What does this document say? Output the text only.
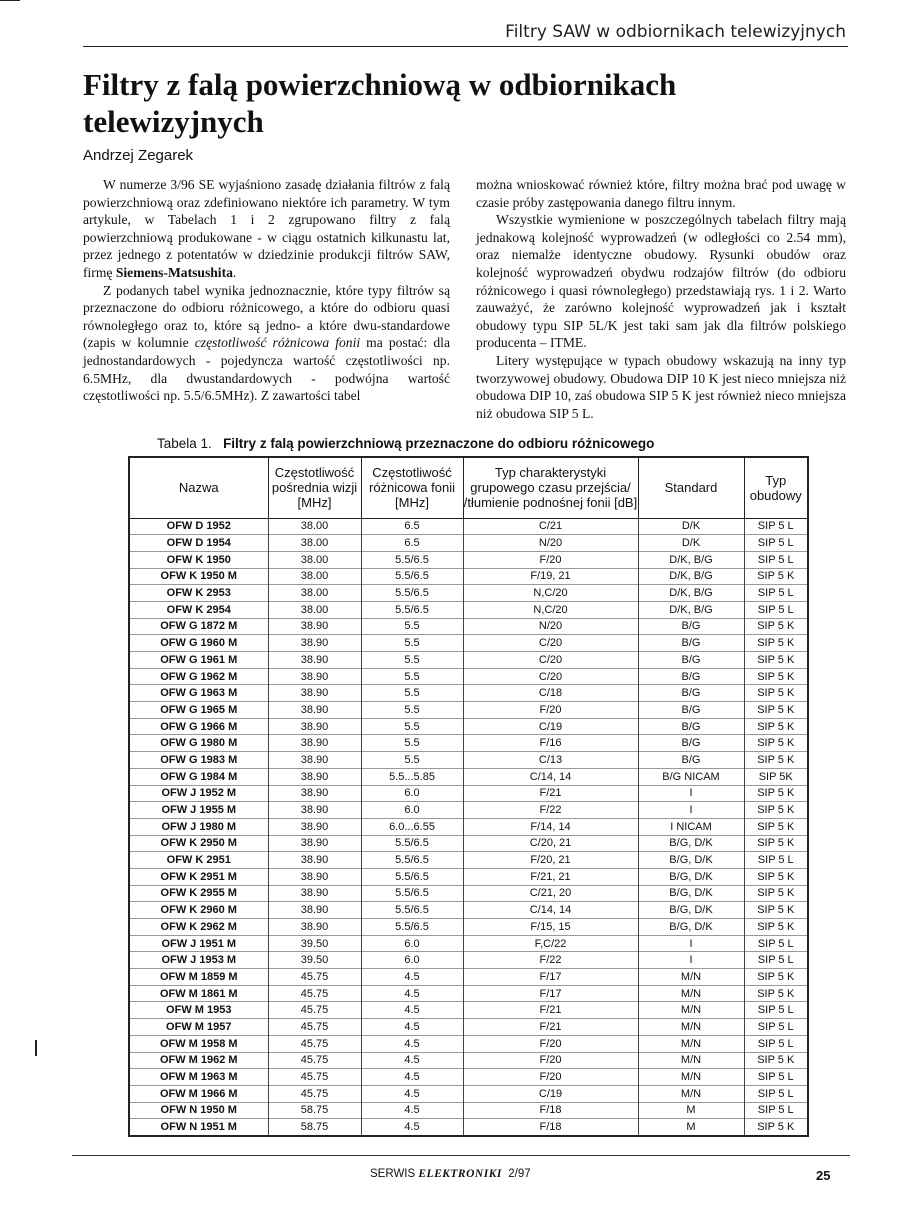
Filtry SAW w odbiornikach telewizyjnych
Filtry z falą powierzchniową w odbiornikach telewizyjnych
Andrzej Zegarek

W numerze 3/96 SE wyjaśniono zasadę działania filtrów z falą powierzchniową oraz zdefiniowano niektóre ich parametry. W tym artykule, w Tabelach 1 i 2 zgrupowano filtry z falą powierzchniową produkowane - w ciągu ostatnich kilkunastu lat, przez jednego z potentatów w dziedzinie produkcji filtrów SAW, firmę Siemens-Matsushita.

Z podanych tabel wynika jednoznacznie, które typy filtrów są przeznaczone do odbioru różnicowego, a które do odbioru quasi równoległego oraz to, które są jedno- a które dwu-standardowe (zapis w kolumnie częstotliwość różnicowa fonii ma postać: dla jednostandardowych - pojedyncza wartość częstotliwości np. 6.5MHz, dla dwustandardowych - podwójna wartość częstotliwości np. 5.5/6.5MHz). Z zawartości tabel

można wnioskować również które, filtry można brać pod uwagę w czasie próby zastępowania danego filtru innym.

Wszystkie wymienione w poszczególnych tabelach filtry mają jednakową kolejność wyprowadzeń (w odległości co 2.54 mm), oraz niemalże identyczne obudowy. Rysunki obudów oraz kolejność wyprowadzeń obydwu rodzajów filtrów (do odbioru różnicowego i quasi równoległego) przedstawiają rys. 1 i 2. Warto zauważyć, że zarówno kolejność wyprowadzeń jak i kształt obudowy typu SIP 5L/K jest taki sam jak dla filtrów polskiego producenta – ITME.

Litery występujące w typach obudowy wskazują na inny typ tworzywowej obudowy. Obudowa DIP 10 K jest nieco mniejsza niż obudowa DIP 10, zaś obudowa SIP 5 K jest również nieco mniejsza niż obudowa SIP 5 L.

Tabela 1. Filtry z falą powierzchniową przeznaczone do odbioru różnicowego
Nazwa	Częstotliwość pośrednia wizji [MHz]	Częstotliwość różnicowa fonii [MHz]	Typ charakterystyki grupowego czasu przejścia/ /tłumienie podnośnej fonii [dB]	Standard	Typ obudowy
OFW D 1952	38.00	6.5	C/21	D/K	SIP 5 L
OFW D 1954	38.00	6.5	N/20	D/K	SIP 5 L
OFW K 1950	38.00	5.5/6.5	F/20	D/K, B/G	SIP 5 L
OFW K 1950 M	38.00	5.5/6.5	F/19, 21	D/K, B/G	SIP 5 K
OFW K 2953	38.00	5.5/6.5	N,C/20	D/K, B/G	SIP 5 L
OFW K 2954	38.00	5.5/6.5	N,C/20	D/K, B/G	SIP 5 L
OFW G 1872 M	38.90	5.5	N/20	B/G	SIP 5 K
OFW G 1960 M	38.90	5.5	C/20	B/G	SIP 5 K
OFW G 1961 M	38.90	5.5	C/20	B/G	SIP 5 K
OFW G 1962 M	38.90	5.5	C/20	B/G	SIP 5 K
OFW G 1963 M	38.90	5.5	C/18	B/G	SIP 5 K
OFW G 1965 M	38.90	5.5	F/20	B/G	SIP 5 K
OFW G 1966 M	38.90	5.5	C/19	B/G	SIP 5 K
OFW G 1980 M	38.90	5.5	F/16	B/G	SIP 5 K
OFW G 1983 M	38.90	5.5	C/13	B/G	SIP 5 K
OFW G 1984 M	38.90	5.5...5.85	C/14, 14	B/G NICAM	SIP 5K
OFW J 1952 M	38.90	6.0	F/21	I	SIP 5 K
OFW J 1955 M	38.90	6.0	F/22	I	SIP 5 K
OFW J 1980 M	38.90	6.0...6.55	F/14, 14	I NICAM	SIP 5 K
OFW K 2950 M	38.90	5.5/6.5	C/20, 21	B/G, D/K	SIP 5 K
OFW K 2951	38.90	5.5/6.5	F/20, 21	B/G, D/K	SIP 5 L
OFW K 2951 M	38.90	5.5/6.5	F/21, 21	B/G, D/K	SIP 5 K
OFW K 2955 M	38.90	5.5/6.5	C/21, 20	B/G, D/K	SIP 5 K
OFW K 2960 M	38.90	5.5/6.5	C/14, 14	B/G, D/K	SIP 5 K
OFW K 2962 M	38.90	5.5/6.5	F/15, 15	B/G, D/K	SIP 5 K
OFW J 1951 M	39.50	6.0	F,C/22	I	SIP 5 L
OFW J 1953 M	39.50	6.0	F/22	I	SIP 5 L
OFW M 1859 M	45.75	4.5	F/17	M/N	SIP 5 K
OFW M 1861 M	45.75	4.5	F/17	M/N	SIP 5 K
OFW M 1953	45.75	4.5	F/21	M/N	SIP 5 L
OFW M 1957	45.75	4.5	F/21	M/N	SIP 5 L
OFW M 1958 M	45.75	4.5	F/20	M/N	SIP 5 L
OFW M 1962 M	45.75	4.5	F/20	M/N	SIP 5 K
OFW M 1963 M	45.75	4.5	F/20	M/N	SIP 5 L
OFW M 1966 M	45.75	4.5	C/19	M/N	SIP 5 L
OFW N 1950 M	58.75	4.5	F/18	M	SIP 5 L
OFW N 1951 M	58.75	4.5	F/18	M	SIP 5 K
SERWIS ELEKTRONIKI 2/97	25
